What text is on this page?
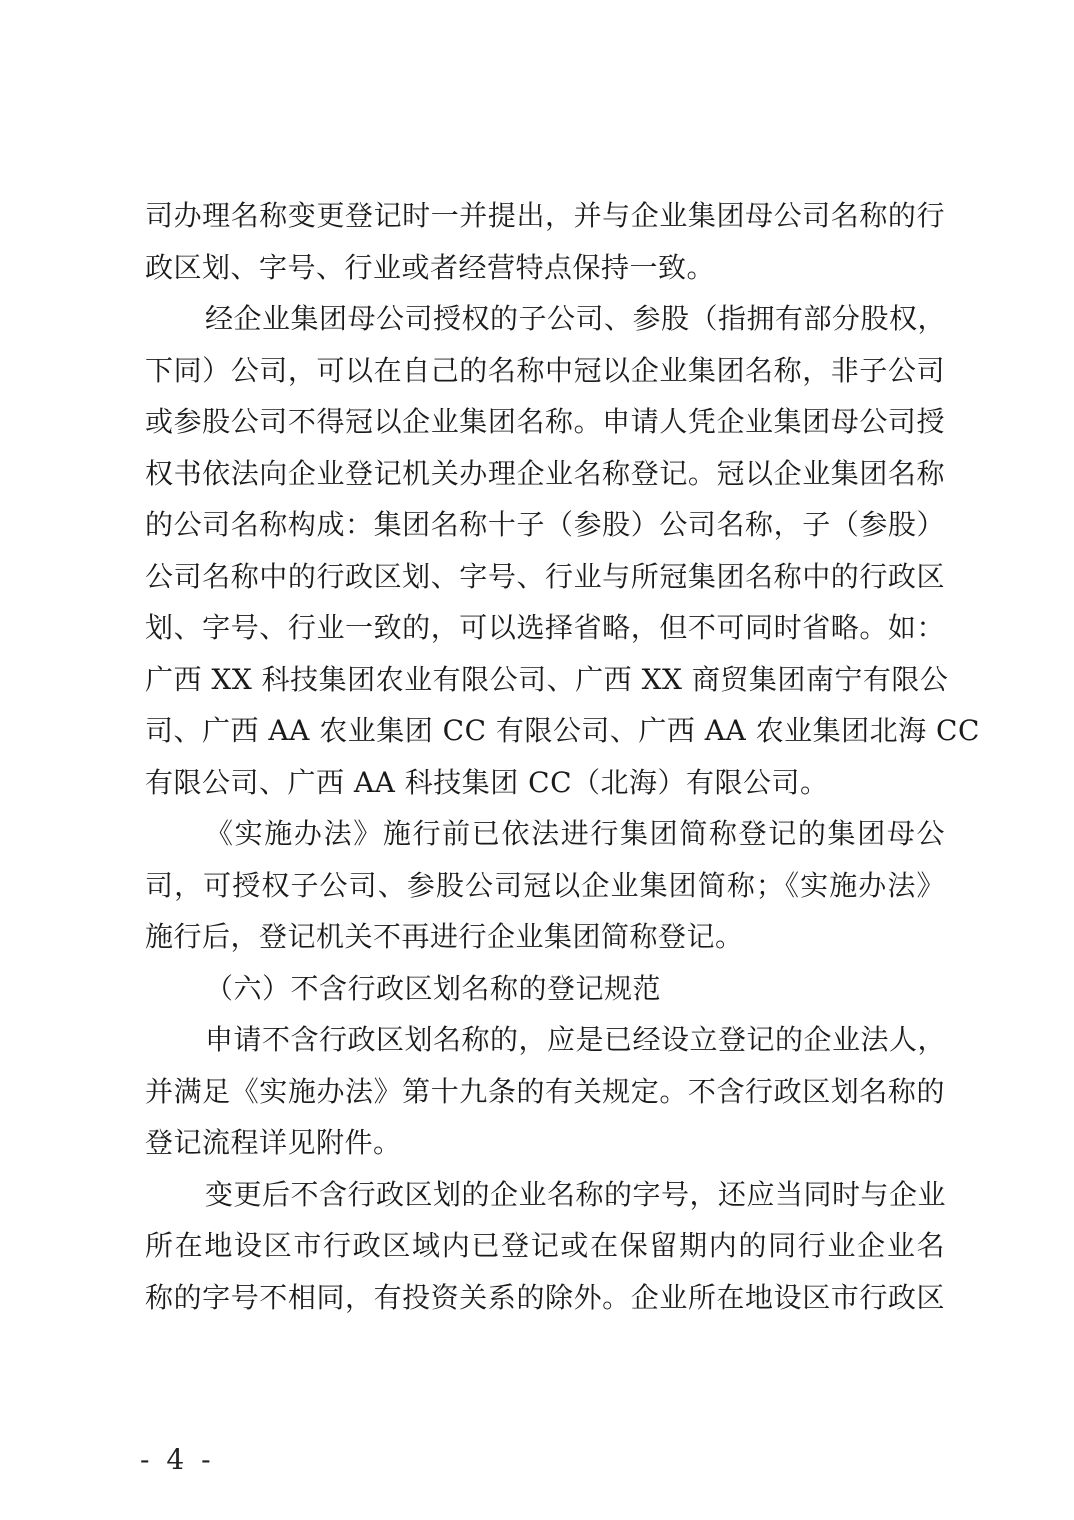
司办理名称变更登记时一并提出，并与企业集团母公司名称的行
政区划、字号、行业或者经营特点保持一致。
经企业集团母公司授权的子公司、参股（指拥有部分股权，
下同）公司，可以在自己的名称中冠以企业集团名称，非子公司
或参股公司不得冠以企业集团名称。申请人凭企业集团母公司授
权书依法向企业登记机关办理企业名称登记。冠以企业集团名称
的公司名称构成：集团名称十子（参股）公司名称，子（参股）
公司名称中的行政区划、字号、行业与所冠集团名称中的行政区
划、字号、行业一致的，可以选择省略，但不可同时省略。如：
广西 XX 科技集团农业有限公司、广西 XX 商贸集团南宁有限公
司、广西 AA 农业集团 CC 有限公司、广西 AA 农业集团北海 CC
有限公司、广西 AA 科技集团 CC（北海）有限公司。
《实施办法》施行前已依法进行集团简称登记的集团母公
司，可授权子公司、参股公司冠以企业集团简称；《实施办法》
施行后，登记机关不再进行企业集团简称登记。
（六）不含行政区划名称的登记规范
申请不含行政区划名称的，应是已经设立登记的企业法人，
并满足《实施办法》第十九条的有关规定。不含行政区划名称的
登记流程详见附件。
变更后不含行政区划的企业名称的字号，还应当同时与企业
所在地设区市行政区域内已登记或在保留期内的同行业企业名
称的字号不相同，有投资关系的除外。企业所在地设区市行政区
- 4 -
